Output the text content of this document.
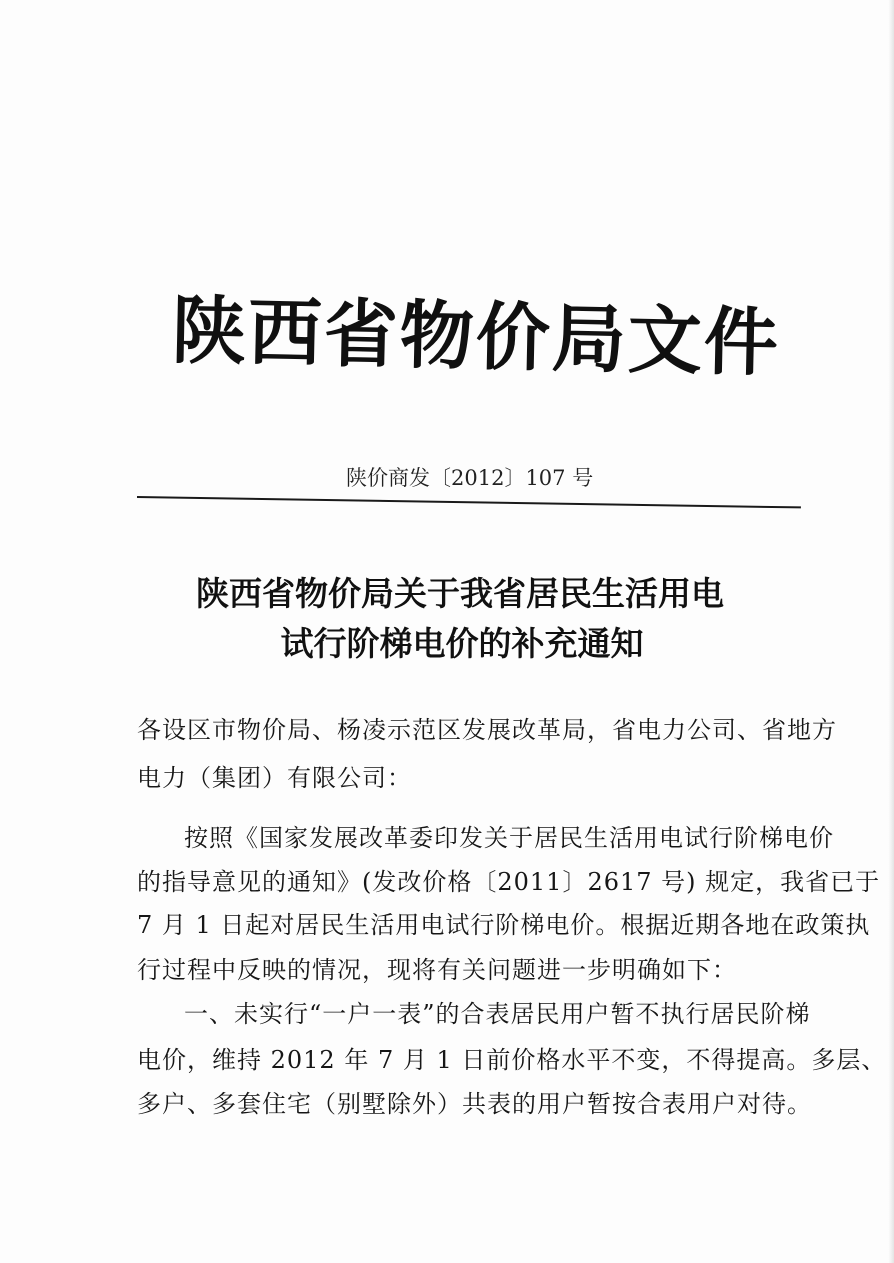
陕西省物价局文件
陕价商发〔2012〕107 号
陕西省物价局关于我省居民生活用电
试行阶梯电价的补充通知
各设区市物价局、杨凌示范区发展改革局，省电力公司、省地方
电力（集团）有限公司：
按照《国家发展改革委印发关于居民生活用电试行阶梯电价
的指导意见的通知》(发改价格〔2011〕2617 号) 规定，我省已于
7 月 1 日起对居民生活用电试行阶梯电价。根据近期各地在政策执
行过程中反映的情况，现将有关问题进一步明确如下：
一、未实行“一户一表”的合表居民用户暂不执行居民阶梯
电价，维持 2012 年 7 月 1 日前价格水平不变，不得提高。多层、
多户、多套住宅（别墅除外）共表的用户暂按合表用户对待。
